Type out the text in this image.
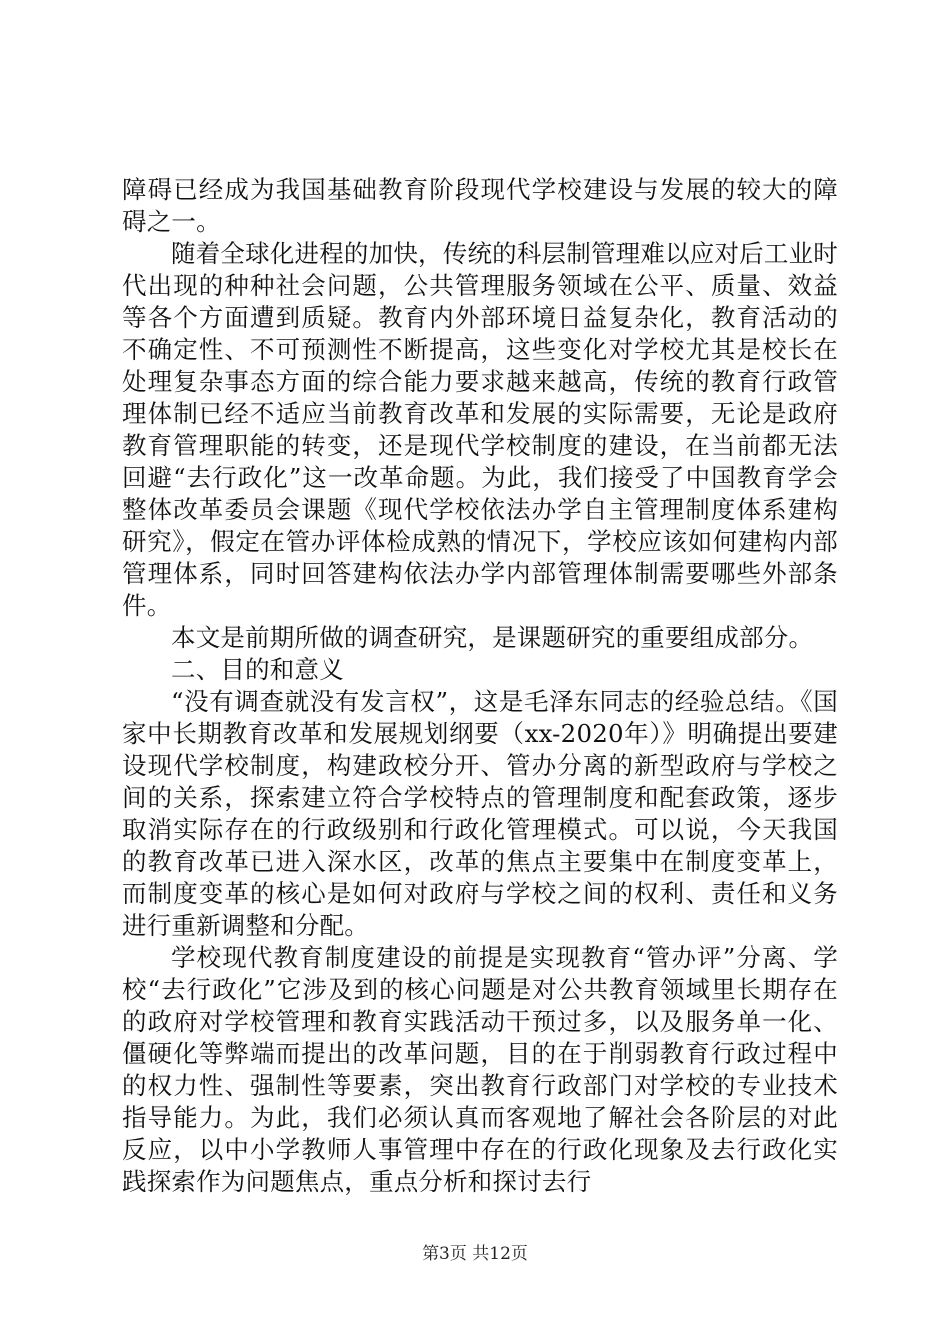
障碍已经成为我国基础教育阶段现代学校建设与发展的较大的障碍之一。

随着全球化进程的加快，传统的科层制管理难以应对后工业时代出现的种种社会问题，公共管理服务领域在公平、质量、效益等各个方面遭到质疑。教育内外部环境日益复杂化，教育活动的不确定性、不可预测性不断提高，这些变化对学校尤其是校长在处理复杂事态方面的综合能力要求越来越高，传统的教育行政管理体制已经不适应当前教育改革和发展的实际需要，无论是政府教育管理职能的转变，还是现代学校制度的建设，在当前都无法回避“去行政化”这一改革命题。为此，我们接受了中国教育学会整体改革委员会课题《现代学校依法办学自主管理制度体系建构研究》，假定在管办评体检成熟的情况下，学校应该如何建构内部管理体系，同时回答建构依法办学内部管理体制需要哪些外部条件。

本文是前期所做的调查研究，是课题研究的重要组成部分。

二、目的和意义

“没有调查就没有发言权”，这是毛泽东同志的经验总结。《国家中长期教育改革和发展规划纲要（xx-2020年）》明确提出要建设现代学校制度，构建政校分开、管办分离的新型政府与学校之间的关系，探索建立符合学校特点的管理制度和配套政策，逐步取消实际存在的行政级别和行政化管理模式。可以说，今天我国的教育改革已进入深水区，改革的焦点主要集中在制度变革上，而制度变革的核心是如何对政府与学校之间的权利、责任和义务进行重新调整和分配。

学校现代教育制度建设的前提是实现教育“管办评”分离、学校“去行政化”它涉及到的核心问题是对公共教育领域里长期存在的政府对学校管理和教育实践活动干预过多，以及服务单一化、僵硬化等弊端而提出的改革问题，目的在于削弱教育行政过程中的权力性、强制性等要素，突出教育行政部门对学校的专业技术指导能力。为此，我们必须认真而客观地了解社会各阶层的对此反应，以中小学教师人事管理中存在的行政化现象及去行政化实践探索作为问题焦点，重点分析和探讨去行

第3页 共12页
